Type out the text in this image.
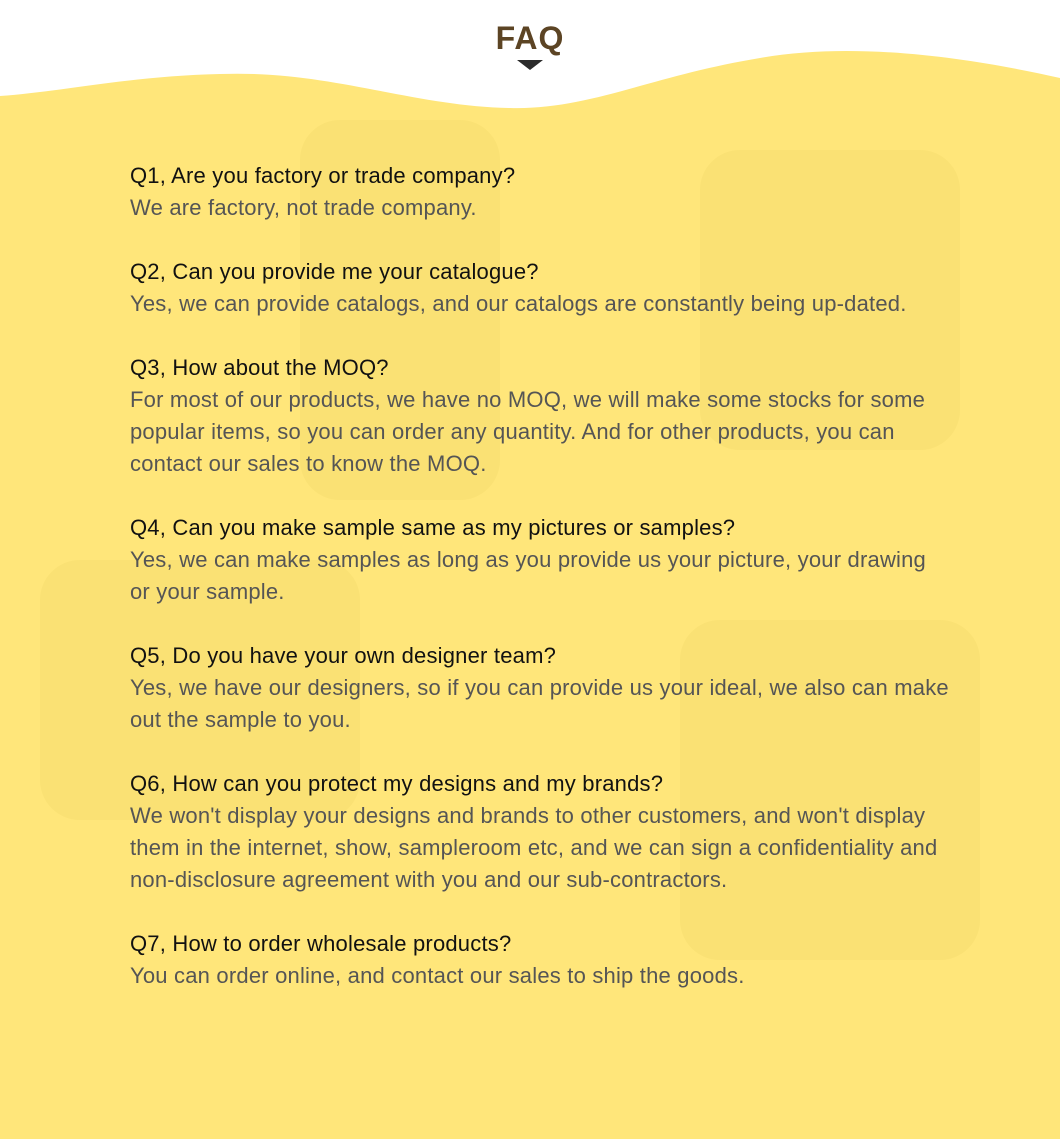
FAQ
Q1, Are you factory or trade company?
We are factory, not trade company.
Q2, Can you provide me your catalogue?
Yes, we can provide catalogs, and our catalogs are constantly being up-dated.
Q3, How about the MOQ?
For most of our products, we have no MOQ, we will make some stocks for some popular items, so you can order any quantity. And for other products, you can contact our sales to know the MOQ.
Q4, Can you make sample same as my pictures or samples?
Yes, we can make samples as long as you provide us your picture, your drawing or your sample.
Q5, Do you have your own designer team?
Yes, we have our designers, so if you can provide us your ideal, we also can make out the sample to you.
Q6, How can you protect my designs and my brands?
We won't display your designs and brands to other customers, and won't display them in the internet, show, sampleroom etc, and we can sign a confidentiality and non-disclosure agreement with you and our sub-contractors.
Q7, How to order wholesale products?
You can order online, and contact our sales to ship the goods.
